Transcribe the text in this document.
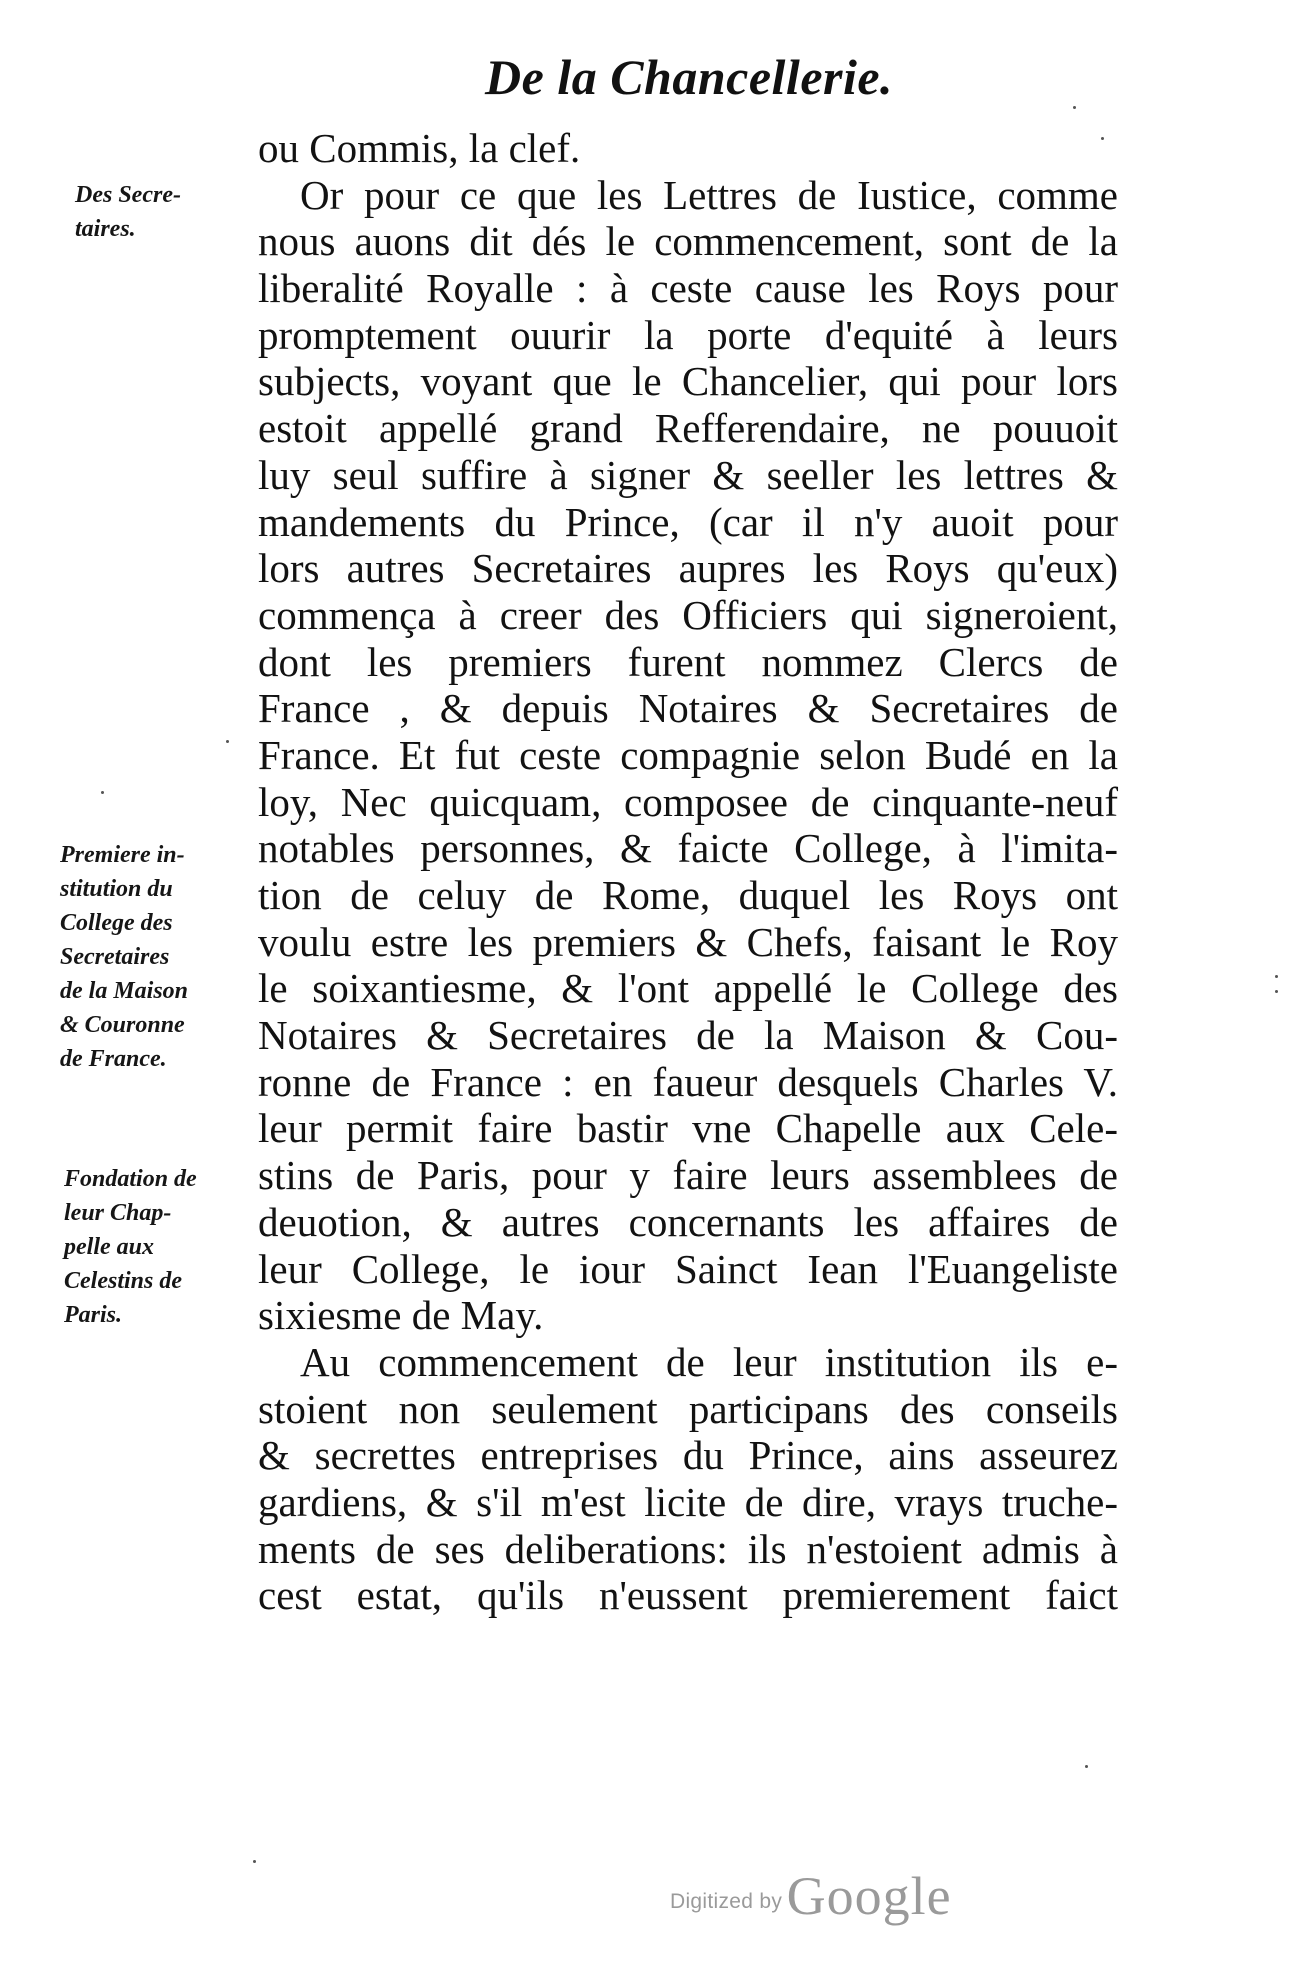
De la Chancellerie.
ou Commis, la clef.
Or pour ce que les Lettres de Iustice, comme
nous auons dit dés le commencement, sont de la
liberalité Royalle : à ceste cause les Roys pour
promptement ouurir la porte d'equité à leurs
subjects, voyant que le Chancelier, qui pour lors
estoit appellé grand Refferendaire, ne pouuoit
luy seul suffire à signer & seeller les lettres &
mandements du Prince, (car il n'y auoit pour
lors autres Secretaires aupres les Roys qu'eux)
commença à creer des Officiers qui signeroient,
dont les premiers furent nommez Clercs de
France , & depuis Notaires & Secretaires de
France. Et fut ceste compagnie selon Budé en la
loy, Nec quicquam, composee de cinquante-neuf
notables personnes, & faicte College, à l'imita-
tion de celuy de Rome, duquel les Roys ont
voulu estre les premiers & Chefs, faisant le Roy
le soixantiesme, & l'ont appellé le College des
Notaires & Secretaires de la Maison & Cou-
ronne de France : en faueur desquels Charles V.
leur permit faire bastir vne Chapelle aux Cele-
stins de Paris, pour y faire leurs assemblees de
deuotion, & autres concernants les affaires de
leur College, le iour Sainct Iean l'Euangeliste
sixiesme de May.
Au commencement de leur institution ils e-
stoient non seulement participans des conseils
& secrettes entreprises du Prince, ains asseurez
gardiens, & s'il m'est licite de dire, vrays truche-
ments de ses deliberations: ils n'estoient admis à
cest estat, qu'ils n'eussent premierement faict
Des Secre-
taires.
Premiere in-
stitution du
College des
Secretaires
de la Maison
& Couronne
de France.
Fondation de
leur Chap-
pelle aux
Celestins de
Paris.
Digitized by Google
